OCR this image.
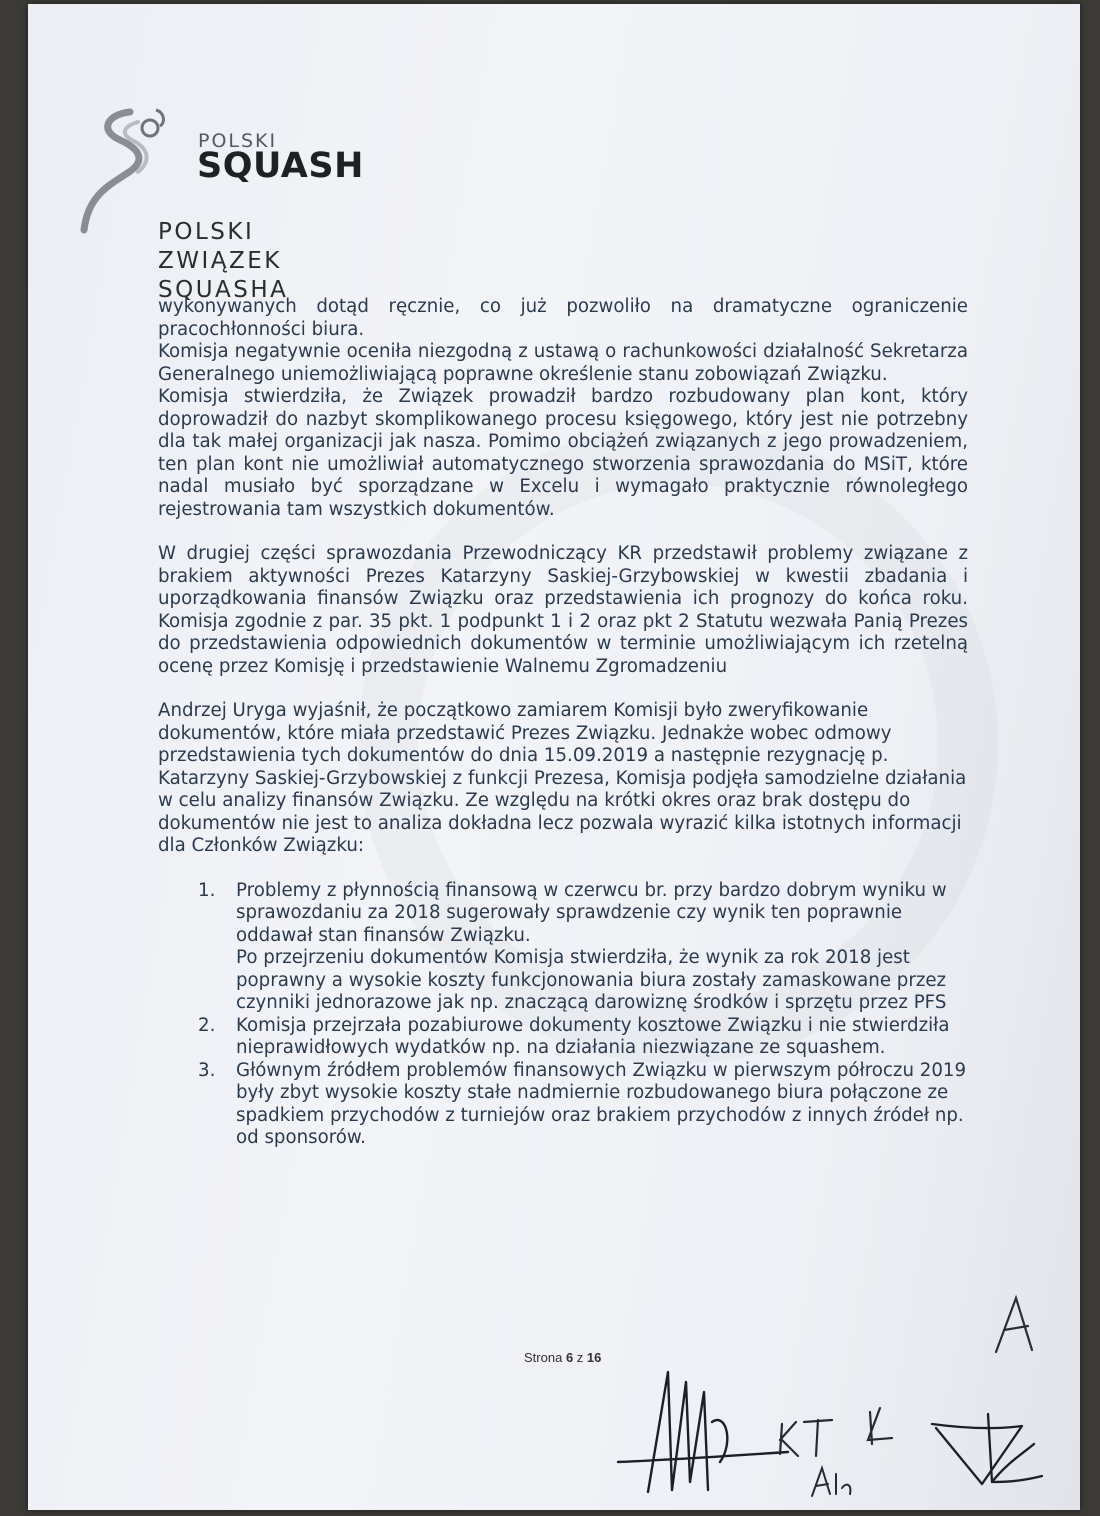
POLSKI
SQUASH
POLSKI
ZWIĄZEK
SQUASHA

wykonywanych dotąd ręcznie, co już pozwoliło na dramatyczne ograniczenie pracochłonności biura.

Komisja negatywnie oceniła niezgodną z ustawą o rachunkowości działalność Sekretarza Generalnego uniemożliwiającą poprawne określenie stanu zobowiązań Związku.

Komisja stwierdziła, że Związek prowadził bardzo rozbudowany plan kont, który doprowadził do nazbyt skomplikowanego procesu księgowego, który jest nie potrzebny dla tak małej organizacji jak nasza. Pomimo obciążeń związanych z jego prowadzeniem, ten plan kont nie umożliwiał automatycznego stworzenia sprawozdania do MSiT, które nadal musiało być sporządzane w Excelu i wymagało praktycznie równoległego rejestrowania tam wszystkich dokumentów.

W drugiej części sprawozdania Przewodniczący KR przedstawił problemy związane z brakiem aktywności Prezes Katarzyny Saskiej-Grzybowskiej w kwestii zbadania i uporządkowania finansów Związku oraz przedstawienia ich prognozy do końca roku. Komisja zgodnie z par. 35 pkt. 1 podpunkt 1 i 2 oraz pkt 2 Statutu wezwała Panią Prezes do przedstawienia odpowiednich dokumentów w terminie umożliwiającym ich rzetelną ocenę przez Komisję i przedstawienie Walnemu Zgromadzeniu

Andrzej Uryga wyjaśnił, że początkowo zamiarem Komisji było zweryfikowanie dokumentów, które miała przedstawić Prezes Związku. Jednakże wobec odmowy przedstawienia tych dokumentów do dnia 15.09.2019 a następnie rezygnację p. Katarzyny Saskiej-Grzybowskiej z funkcji Prezesa, Komisja podjęła samodzielne działania w celu analizy finansów Związku. Ze względu na krótki okres oraz brak dostępu do dokumentów nie jest to analiza dokładna lecz pozwala wyrazić kilka istotnych informacji dla Członków Związku:

1. Problemy z płynnością finansową w czerwcu br. przy bardzo dobrym wyniku w sprawozdaniu za 2018 sugerowały sprawdzenie czy wynik ten poprawnie oddawał stan finansów Związku.
Po przejrzeniu dokumentów Komisja stwierdziła, że wynik za rok 2018 jest poprawny a wysokie koszty funkcjonowania biura zostały zamaskowane przez czynniki jednorazowe jak np. znaczącą darowiznę środków i sprzętu przez PFS
2. Komisja przejrzała pozabiurowe dokumenty kosztowe Związku i nie stwierdziła nieprawidłowych wydatków np. na działania niezwiązane ze squashem.
3. Głównym źródłem problemów finansowych Związku w pierwszym półroczu 2019 były zbyt wysokie koszty stałe nadmiernie rozbudowanego biura połączone ze spadkiem przychodów z turniejów oraz brakiem przychodów z innych źródeł np. od sponsorów.
Strona 6 z 16
